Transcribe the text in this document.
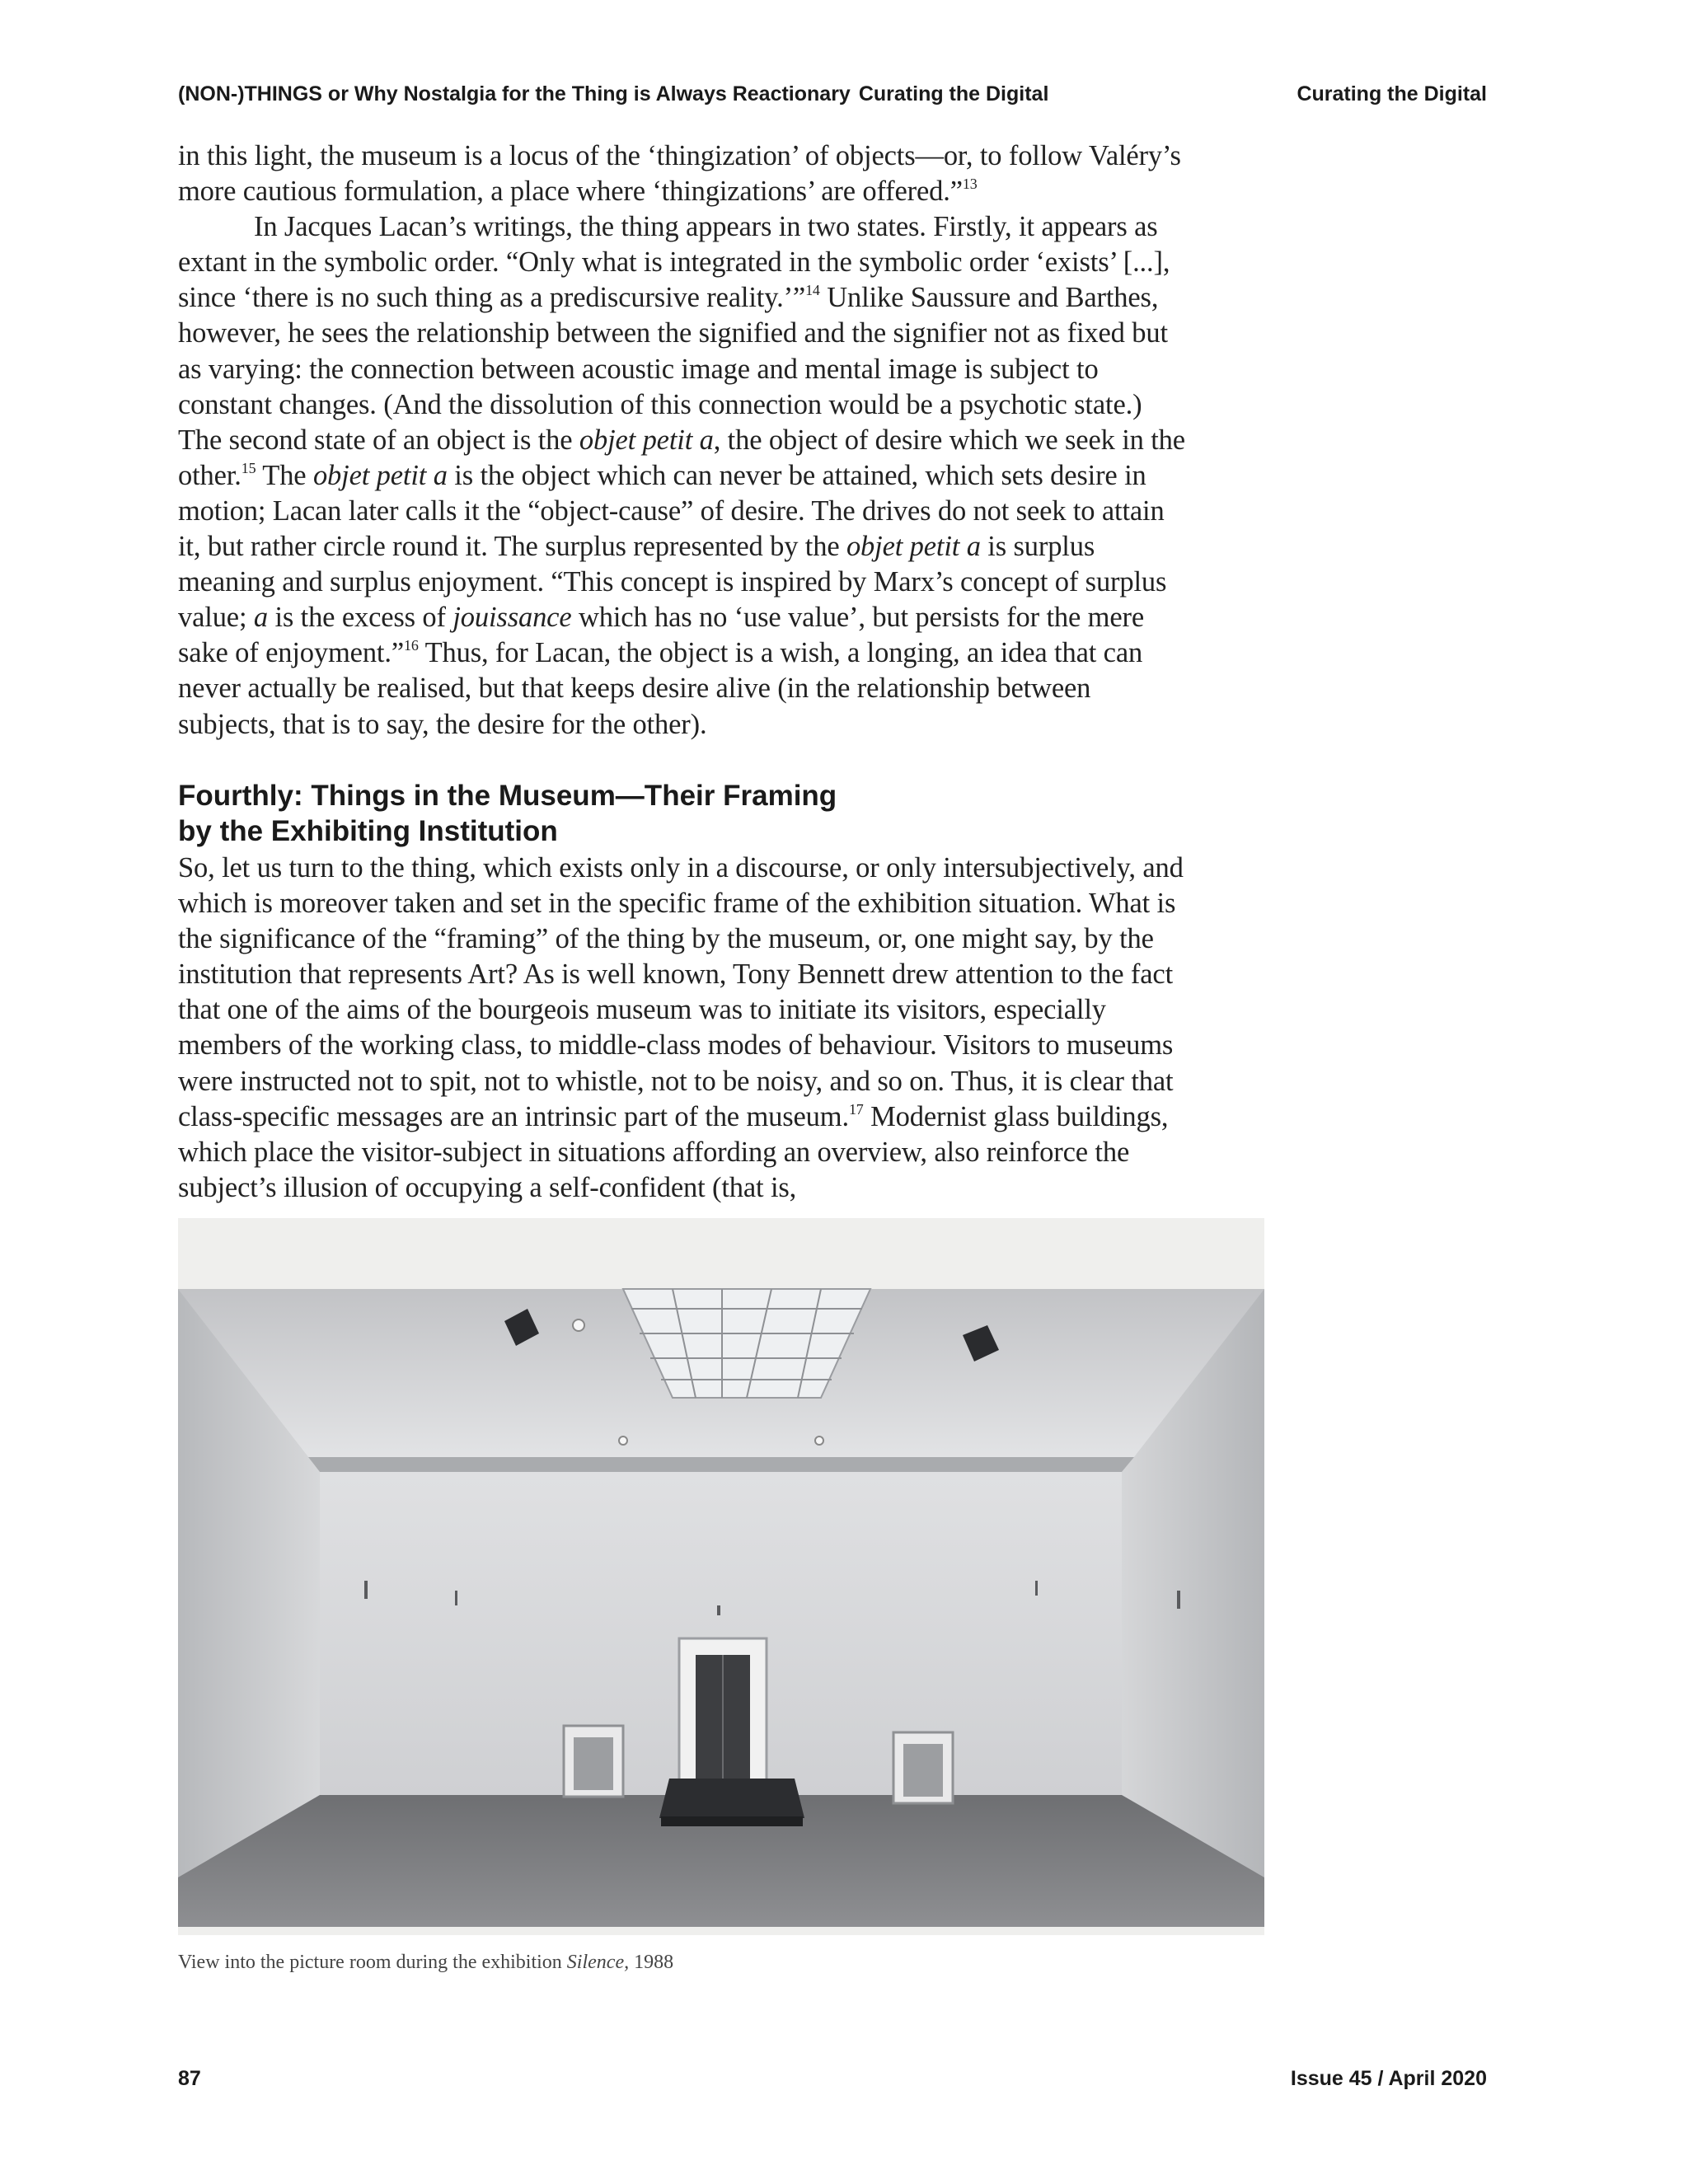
(NON-)THINGS or Why Nostalgia for the Thing is Always Reactionary Curating the Digital	Curating the Digital

in this light, the museum is a locus of the ‘thingization’ of objects—or, to follow Valéry’s more cautious formulation, a place where ‘thingizations’ are offered.”$^{13}$

In Jacques Lacan’s writings, the thing appears in two states. Firstly, it appears as extant in the symbolic order. “Only what is integrated in the symbolic order ‘exists’ [...], since ‘there is no such thing as a prediscursive reality.’”$^{14}$ Unlike Saussure and Barthes, however, he sees the relationship between the signified and the signifier not as fixed but as varying: the connection between acoustic image and mental image is subject to constant changes. (And the dissolution of this connection would be a psychotic state.) The second state of an object is the objet petit a, the object of desire which we seek in the other.$^{15}$ The objet petit a is the object which can never be attained, which sets desire in motion; Lacan later calls it the “object-cause” of desire. The drives do not seek to attain it, but rather circle round it. The surplus represented by the objet petit a is surplus meaning and surplus enjoyment. “This concept is inspired by Marx’s concept of surplus value; a is the excess of jouissance which has no ‘use value’, but persists for the mere sake of enjoyment.”$^{16}$ Thus, for Lacan, the object is a wish, a longing, an idea that can never actually be realised, but that keeps desire alive (in the relationship between subjects, that is to say, the desire for the other).

Fourthly: Things in the Museum—Their Framing
by the Exhibiting Institution

So, let us turn to the thing, which exists only in a discourse, or only intersubjectively, and which is moreover taken and set in the specific frame of the exhibition situation. What is the significance of the “framing” of the thing by the museum, or, one might say, by the institution that represents Art? As is well known, Tony Bennett drew attention to the fact that one of the aims of the bourgeois museum was to initiate its visitors, especially members of the working class, to middle-class modes of behaviour. Visitors to museums were instructed not to spit, not to whistle, not to be noisy, and so on. Thus, it is clear that class-specific messages are an intrinsic part of the museum.$^{17}$ Modernist glass buildings, which place the visitor-subject in situations affording an overview, also reinforce the subject’s illusion of occupying a self-confident (that is,

View into the picture room during the exhibition Silence, 1988
87	Issue 45 / April 2020
